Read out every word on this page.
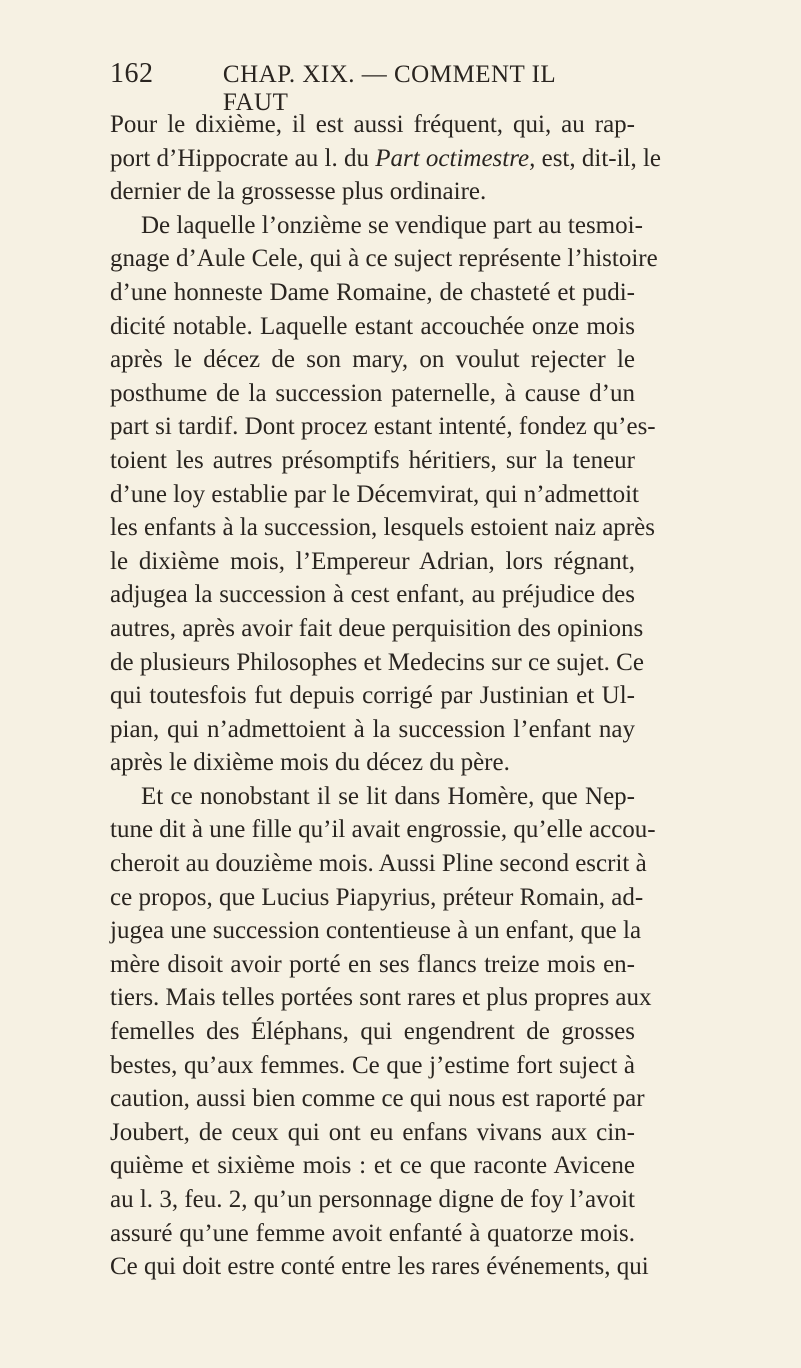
162	CHAP. XIX. — COMMENT IL FAUT
Pour le dixième, il est aussi fréquent, qui, au rap-
port d’Hippocrate au l. du Part octimestre, est, dit-il, le
dernier de la grossesse plus ordinaire.
De laquelle l’onzième se vendique part au tesmoi-
gnage d’Aule Cele, qui à ce suject représente l’histoire
d’une honneste Dame Romaine, de chasteté et pudi-
dicité notable. Laquelle estant accouchée onze mois
après le décez de son mary, on voulut rejecter le
posthume de la succession paternelle, à cause d’un
part si tardif. Dont procez estant intenté, fondez qu’es-
toient les autres présomptifs héritiers, sur la teneur
d’une loy establie par le Décemvirat, qui n’admettoit
les enfants à la succession, lesquels estoient naiz après
le dixième mois, l’Empereur Adrian, lors régnant,
adjugea la succession à cest enfant, au préjudice des
autres, après avoir fait deue perquisition des opinions
de plusieurs Philosophes et Medecins sur ce sujet. Ce
qui toutesfois fut depuis corrigé par Justinian et Ul-
pian, qui n’admettoient à la succession l’enfant nay
après le dixième mois du décez du père.
Et ce nonobstant il se lit dans Homère, que Nep-
tune dit à une fille qu’il avait engrossie, qu’elle accou-
cheroit au douzième mois. Aussi Pline second escrit à
ce propos, que Lucius Piapyrius, préteur Romain, ad-
jugea une succession contentieuse à un enfant, que la
mère disoit avoir porté en ses flancs treize mois en-
tiers. Mais telles portées sont rares et plus propres aux
femelles des Éléphans, qui engendrent de grosses
bestes, qu’aux femmes. Ce que j’estime fort suject à
caution, aussi bien comme ce qui nous est raporté par
Joubert, de ceux qui ont eu enfans vivans aux cin-
quième et sixième mois : et ce que raconte Avicene
au l. 3, feu. 2, qu’un personnage digne de foy l’avoit
assuré qu’une femme avoit enfanté à quatorze mois.
Ce qui doit estre conté entre les rares événements, qui
